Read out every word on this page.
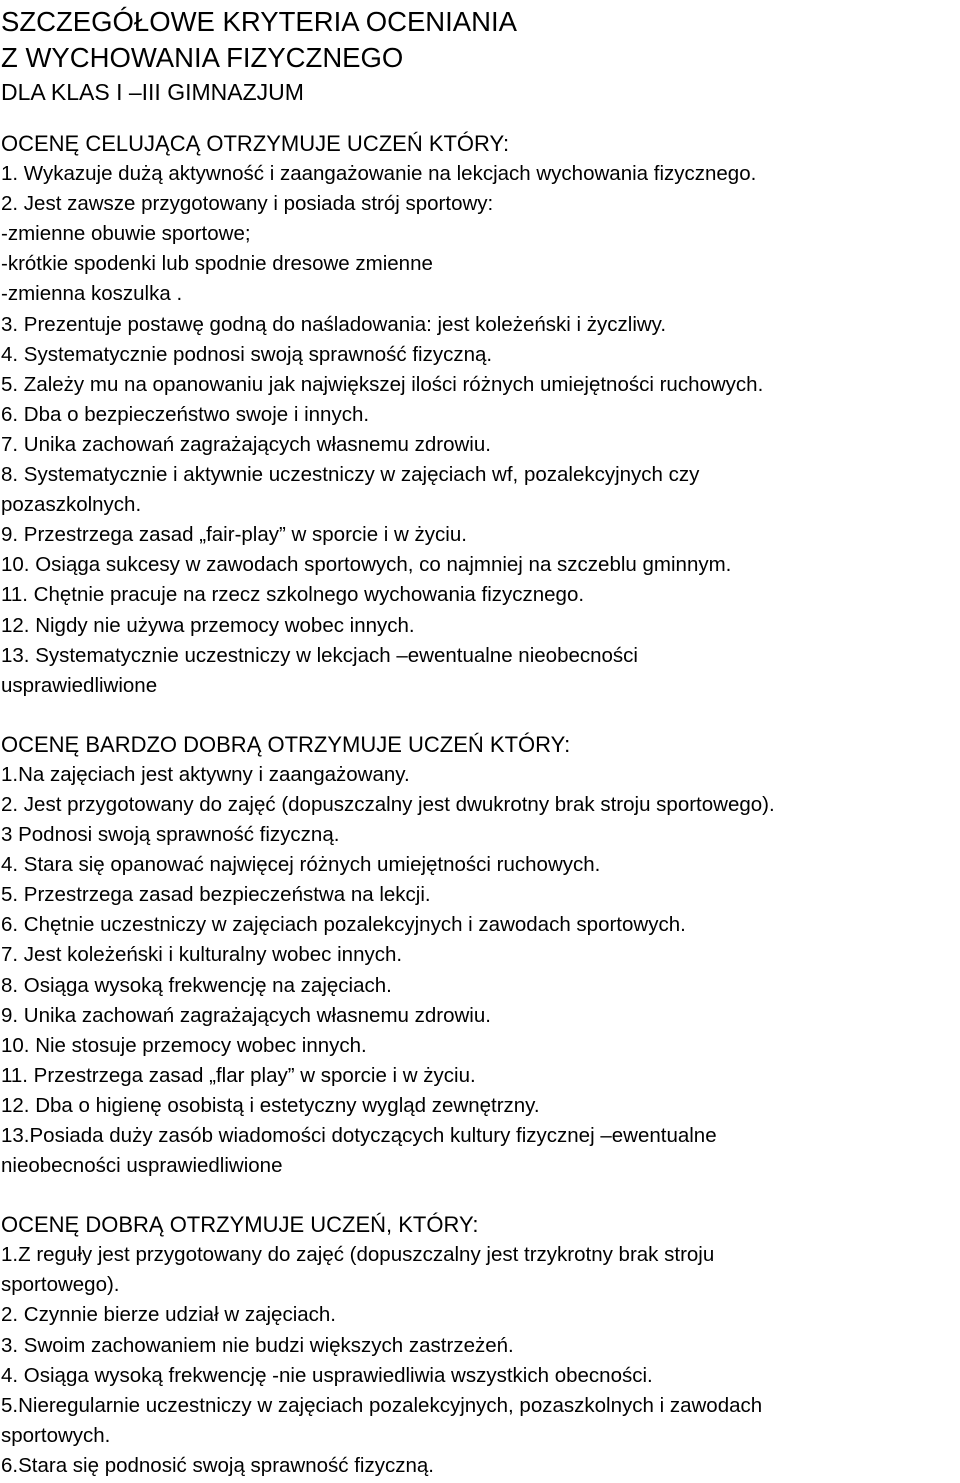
SZCZEGÓŁOWE KRYTERIA OCENIANIA
Z WYCHOWANIA FIZYCZNEGO
DLA KLAS I –III GIMNAZJUM
OCENĘ CELUJĄCĄ OTRZYMUJE UCZEŃ KTÓRY:
1. Wykazuje dużą aktywność i zaangażowanie na lekcjach wychowania fizycznego.
2. Jest zawsze przygotowany i posiada strój sportowy:
-zmienne obuwie sportowe;
-krótkie spodenki lub spodnie dresowe zmienne
-zmienna koszulka .
3. Prezentuje postawę godną do naśladowania: jest koleżeński i życzliwy.
4. Systematycznie podnosi swoją sprawność fizyczną.
5. Zależy mu na opanowaniu jak największej ilości różnych umiejętności ruchowych.
6. Dba o bezpieczeństwo swoje i innych.
7. Unika zachowań zagrażających własnemu zdrowiu.
8. Systematycznie i aktywnie uczestniczy w zajęciach wf, pozalekcyjnych czy
pozaszkolnych.
9. Przestrzega zasad „fair-play” w sporcie i w życiu.
10. Osiąga sukcesy w zawodach sportowych, co najmniej na szczeblu gminnym.
11. Chętnie pracuje na rzecz szkolnego wychowania fizycznego.
12. Nigdy nie używa przemocy wobec innych.
13. Systematycznie uczestniczy w lekcjach –ewentualne nieobecności
usprawiedliwione
OCENĘ BARDZO DOBRĄ OTRZYMUJE UCZEŃ KTÓRY:
1.Na zajęciach jest aktywny i zaangażowany.
2. Jest przygotowany do zajęć (dopuszczalny jest dwukrotny brak stroju sportowego).
3 Podnosi swoją sprawność fizyczną.
4. Stara się opanować najwięcej różnych umiejętności ruchowych.
5. Przestrzega zasad bezpieczeństwa na lekcji.
6. Chętnie uczestniczy w zajęciach pozalekcyjnych i zawodach sportowych.
7. Jest koleżeński i kulturalny wobec innych.
8. Osiąga wysoką frekwencję na zajęciach.
9. Unika zachowań zagrażających własnemu zdrowiu.
10. Nie stosuje przemocy wobec innych.
11. Przestrzega zasad „flar play” w sporcie i w życiu.
12. Dba o higienę osobistą i estetyczny wygląd zewnętrzny.
13.Posiada duży zasób wiadomości dotyczących kultury fizycznej –ewentualne
nieobecności usprawiedliwione
OCENĘ DOBRĄ OTRZYMUJE UCZEŃ, KTÓRY:
1.Z reguły jest przygotowany do zajęć (dopuszczalny jest trzykrotny brak stroju
sportowego).
2. Czynnie bierze udział w zajęciach.
3. Swoim zachowaniem nie budzi większych zastrzeżeń.
4. Osiąga wysoką frekwencję -nie usprawiedliwia wszystkich obecności.
5.Nieregularnie uczestniczy w zajęciach pozalekcyjnych, pozaszkolnych i zawodach
sportowych.
6.Stara się podnosić swoją sprawność fizyczną.
